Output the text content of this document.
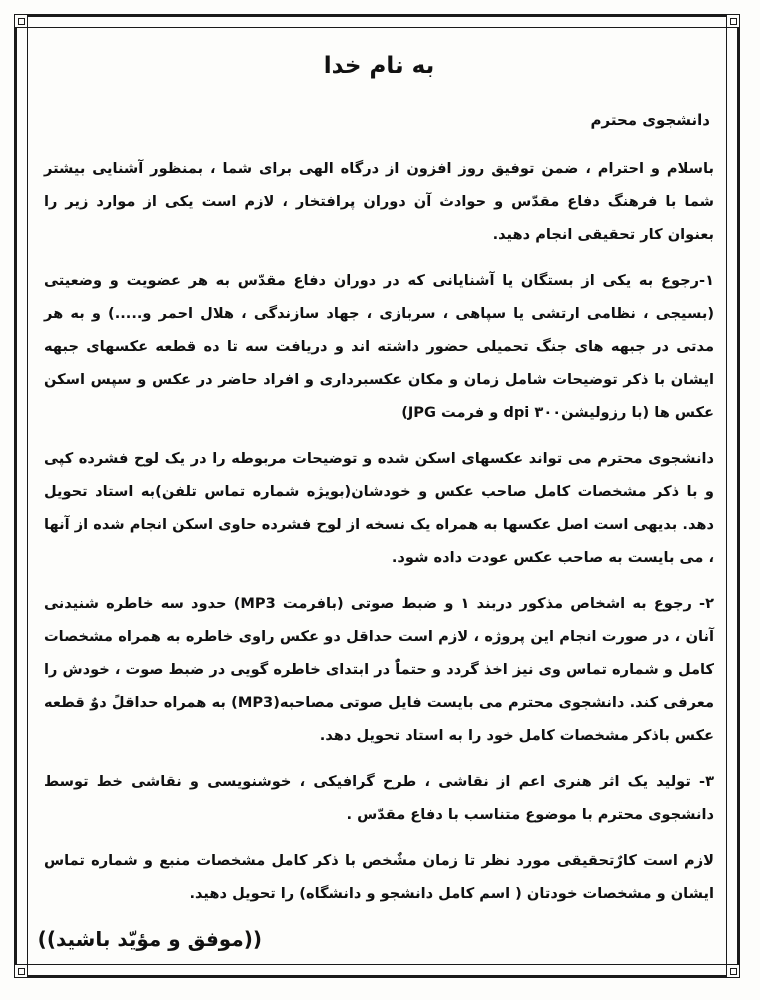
به نام خدا
دانشجوی محترم

باسلام و احترام ، ضمن توفیق روز افزون از درگاه الهی برای شما ، بمنظور آشنایی بیشتر شما با فرهنگ دفاع مقدّس و حوادث آن دوران پرافتخار ، لازم است یکی از موارد زیر را بعنوان کار تحقیقی انجام دهید.

۱-رجوع به یکی از بستگان یا آشنایانی که در دوران دفاع مقدّس به هر عضویت و وضعیتی (بسیجی ، نظامی ارتشی یا سپاهی ، سربازی ، جهاد سازندگی ، هلال احمر و.....) و به هر مدتی در جبهه های جنگ تحمیلی حضور داشته اند و دریافت سه تا ده قطعه عکسهای جبهه ایشان با ذکر توضیحات شامل زمان و مکان عکسبرداری و افراد حاضر در عکس و سپس اسکن عکس ها (با رزولیشن۳۰۰ dpi و فرمت JPG)

دانشجوی محترم می تواند عکسهای اسکن شده و توضیحات مربوطه را در یک لوح فشرده کپی و با ذکر مشخصات کامل صاحب عکس و خودشان(بویژه شماره تماس تلفن)به استاد تحویل دهد. بدیهی است اصل عکسها به همراه یک نسخه از لوح فشرده حاوی اسکن انجام شده از آنها ، می بایست به صاحب عکس عودت داده شود.

۲- رجوع به اشخاص مذکور دربند ۱ و ضبط صوتی (بافرمت MP3) حدود سه خاطره شنیدنی آنان ، در صورت انجام این پروژه ، لازم است حداقل دو عکس راوی خاطره به همراه مشخصات کامل و شماره تماس وی نیز اخذ گردد و حتماًٌ در ابتدای خاطره گویی در ضبط صوت ، خودش را معرفی کند. دانشجوی محترم می بایست فایل صوتی مصاحبه(MP3) به همراه حداقلً دوٌ قطعه عکس باذکر مشخصات کامل خود را به استاد تحویل دهد.

۳- تولید یک اثر هنری اعم از نقاشی ، طرح گرافیکی ، خوشنویسی و نقاشی خط توسط دانشجوی محترم با موضوع متناسب با دفاع مقدّس .

لازم است کارٌتحقیقی مورد نظر تا زمان مشٌخص با ذکر کامل مشخصات منبع و شماره تماس ایشان و مشخصات خودتان ( اسم کامل دانشجو و دانشگاه) را تحویل دهید.

((موفق و مؤیّد باشید))
